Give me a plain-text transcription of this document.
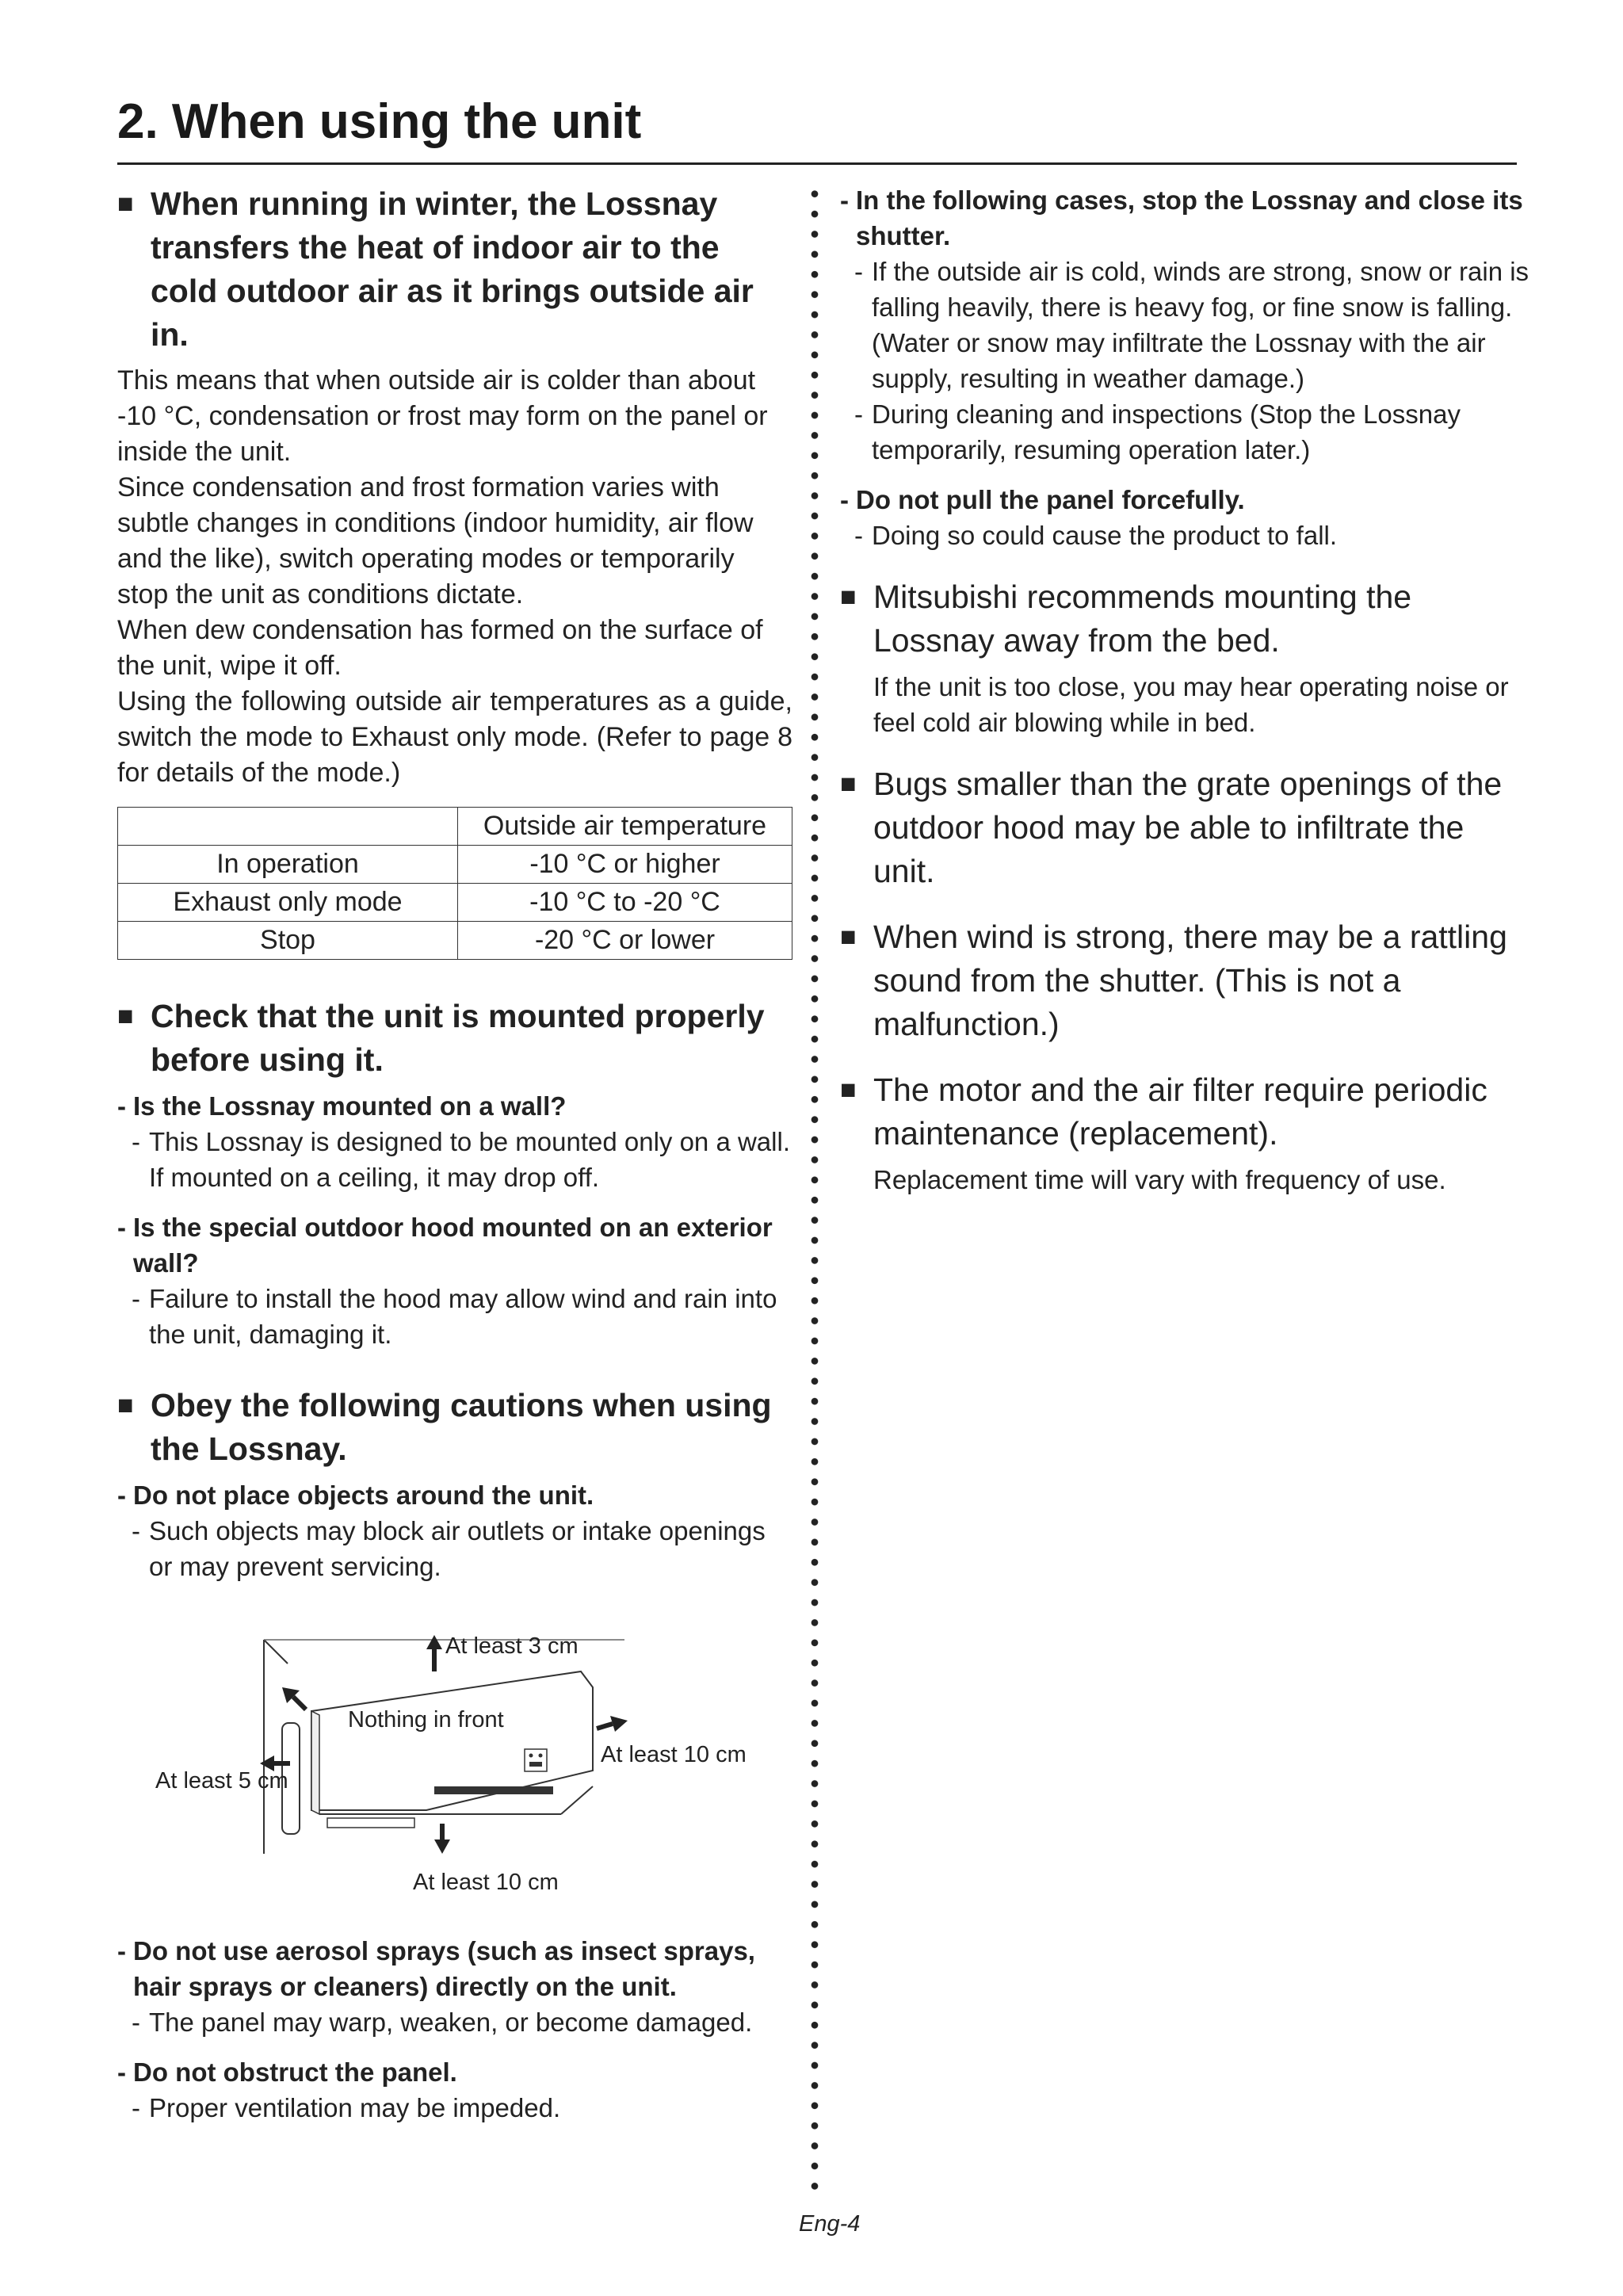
2. When using the unit
■ When running in winter, the Lossnay transfers the heat of indoor air to the cold outdoor air as it brings outside air in.

This means that when outside air is colder than about -10 °C, condensation or frost may form on the panel or inside the unit.

Since condensation and frost formation varies with subtle changes in conditions (indoor humidity, air flow and the like), switch operating modes or temporarily stop the unit as conditions dictate.

When dew condensation has formed on the surface of the unit, wipe it off.

Using the following outside air temperatures as a guide, switch the mode to Exhaust only mode. (Refer to page 8 for details of the mode.)

	Outside air temperature
In operation	-10 °C or higher
Exhaust only mode	-10 °C to -20 °C
Stop	-20 °C or lower
■ Check that the unit is mounted properly before using it.

- Is the Lossnay mounted on a wall?

- This Lossnay is designed to be mounted only on a wall. If mounted on a ceiling, it may drop off.

- Is the special outdoor hood mounted on an exterior wall?

- Failure to install the hood may allow wind and rain into the unit, damaging it.

■ Obey the following cautions when using the Lossnay.

- Do not place objects around the unit.

- Such objects may block air outlets or intake openings or may prevent servicing.

At least 3 cm
Nothing in front
At least 5 cm
At least 10 cm
At least 10 cm

- Do not use aerosol sprays (such as insect sprays, hair sprays or cleaners) directly on the unit.

- The panel may warp, weaken, or become damaged.

- Do not obstruct the panel.

- Proper ventilation may be impeded.

- In the following cases, stop the Lossnay and close its shutter.

- If the outside air is cold, winds are strong, snow or rain is falling heavily, there is heavy fog, or fine snow is falling. (Water or snow may infiltrate the Lossnay with the air supply, resulting in weather damage.)

- During cleaning and inspections (Stop the Lossnay temporarily, resuming operation later.)

- Do not pull the panel forcefully.

- Doing so could cause the product to fall.

■ Mitsubishi recommends mounting the Lossnay away from the bed.

If the unit is too close, you may hear operating noise or feel cold air blowing while in bed.

■ Bugs smaller than the grate openings of the outdoor hood may be able to infiltrate the unit.
■ When wind is strong, there may be a rattling sound from the shutter. (This is not a malfunction.)
■ The motor and the air filter require periodic maintenance (replacement).

Replacement time will vary with frequency of use.

Eng-4
